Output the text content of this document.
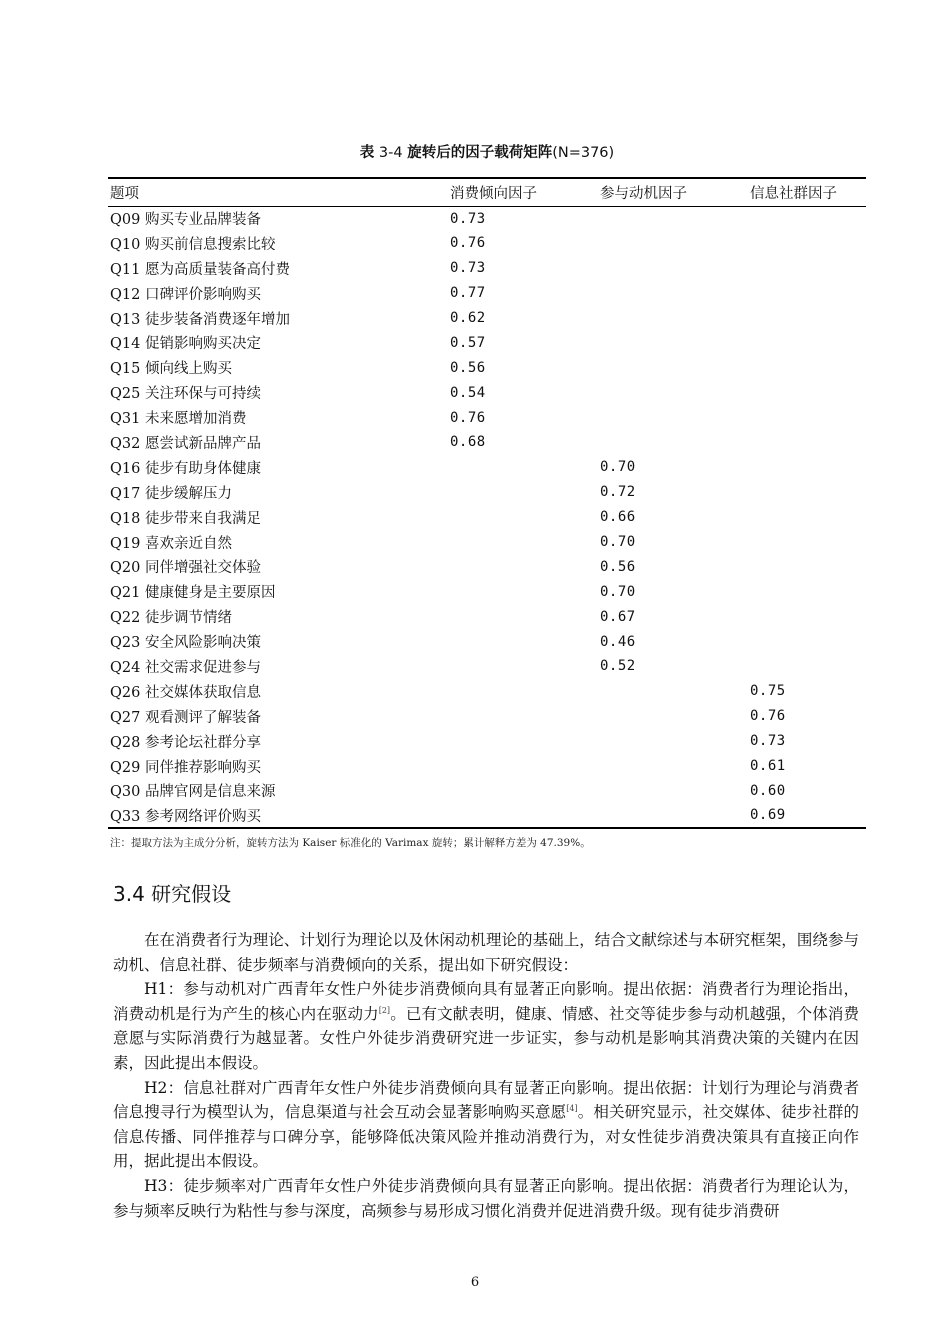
表 3-4 旋转后的因子载荷矩阵(N=376)
题项	消费倾向因子	参与动机因子	信息社群因子
Q09 购买专业品牌装备	0.73		
Q10 购买前信息搜索比较	0.76		
Q11 愿为高质量装备高付费	0.73		
Q12 口碑评价影响购买	0.77		
Q13 徒步装备消费逐年增加	0.62		
Q14 促销影响购买决定	0.57		
Q15 倾向线上购买	0.56		
Q25 关注环保与可持续	0.54		
Q31 未来愿增加消费	0.76		
Q32 愿尝试新品牌产品	0.68		
Q16 徒步有助身体健康		0.70	
Q17 徒步缓解压力		0.72	
Q18 徒步带来自我满足		0.66	
Q19 喜欢亲近自然		0.70	
Q20 同伴增强社交体验		0.56	
Q21 健康健身是主要原因		0.70	
Q22 徒步调节情绪		0.67	
Q23 安全风险影响决策		0.46	
Q24 社交需求促进参与		0.52	
Q26 社交媒体获取信息			0.75
Q27 观看测评了解装备			0.76
Q28 参考论坛社群分享			0.73
Q29 同伴推荐影响购买			0.61
Q30 品牌官网是信息来源			0.60
Q33 参考网络评价购买			0.69
注：提取方法为主成分分析，旋转方法为 Kaiser 标准化的 Varimax 旋转；累计解释方差为 47.39%。
3.4 研究假设

在在消费者行为理论、计划行为理论以及休闲动机理论的基础上，结合文献综述与本研究框架，围绕参与动机、信息社群、徒步频率与消费倾向的关系，提出如下研究假设：

H1：参与动机对广西青年女性户外徒步消费倾向具有显著正向影响。提出依据：消费者行为理论指出，消费动机是行为产生的核心内在驱动力[2]。已有文献表明，健康、情感、社交等徒步参与动机越强，个体消费意愿与实际消费行为越显著。女性户外徒步消费研究进一步证实，参与动机是影响其消费决策的关键内在因素，因此提出本假设。

H2：信息社群对广西青年女性户外徒步消费倾向具有显著正向影响。提出依据：计划行为理论与消费者信息搜寻行为模型认为，信息渠道与社会互动会显著影响购买意愿[4]。相关研究显示，社交媒体、徒步社群的信息传播、同伴推荐与口碑分享，能够降低决策风险并推动消费行为，对女性徒步消费决策具有直接正向作用，据此提出本假设。

H3：徒步频率对广西青年女性户外徒步消费倾向具有显著正向影响。提出依据：消费者行为理论认为，参与频率反映行为粘性与参与深度，高频参与易形成习惯化消费并促进消费升级。现有徒步消费研

6
